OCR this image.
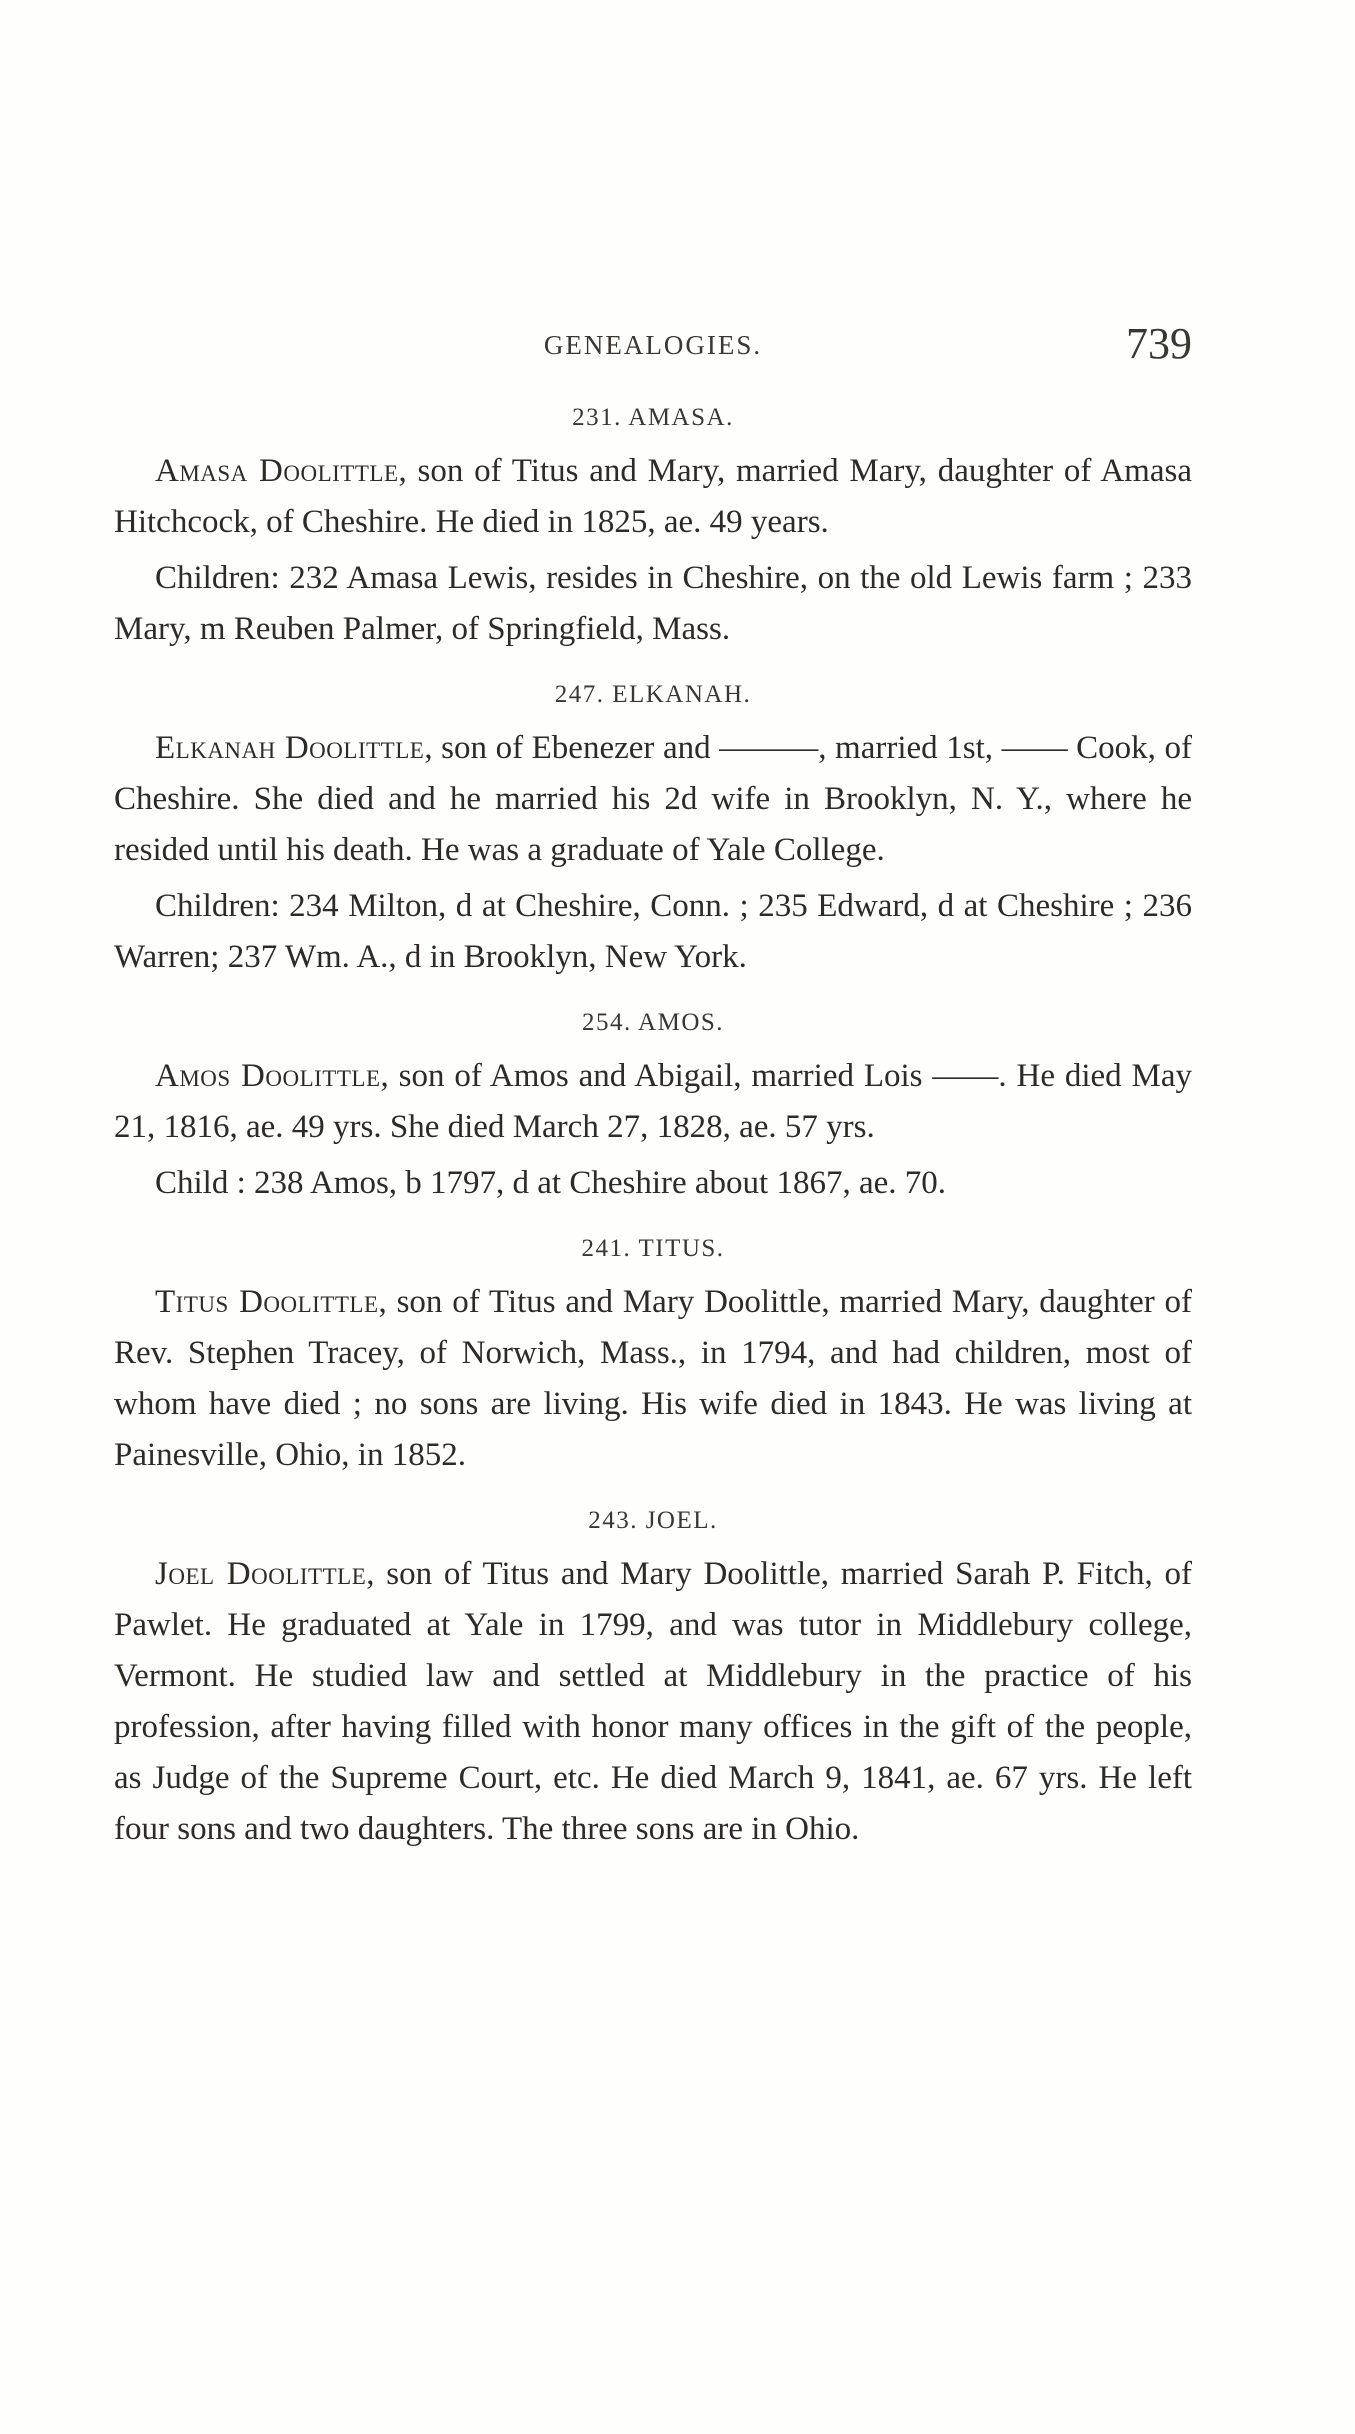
GENEALOGIES.	739
231. AMASA.

Amasa Doolittle, son of Titus and Mary, married Mary, daughter of Amasa Hitchcock, of Cheshire. He died in 1825, ae. 49 years.

Children: 232 Amasa Lewis, resides in Cheshire, on the old Lewis farm ; 233 Mary, m Reuben Palmer, of Springfield, Mass.

247. ELKANAH.

Elkanah Doolittle, son of Ebenezer and ———, married 1st, —— Cook, of Cheshire. She died and he married his 2d wife in Brooklyn, N. Y., where he resided until his death. He was a graduate of Yale College.

Children: 234 Milton, d at Cheshire, Conn. ; 235 Edward, d at Cheshire ; 236 Warren; 237 Wm. A., d in Brooklyn, New York.

254. AMOS.

Amos Doolittle, son of Amos and Abigail, married Lois ——. He died May 21, 1816, ae. 49 yrs. She died March 27, 1828, ae. 57 yrs.

Child : 238 Amos, b 1797, d at Cheshire about 1867, ae. 70.

241. TITUS.

Titus Doolittle, son of Titus and Mary Doolittle, married Mary, daughter of Rev. Stephen Tracey, of Norwich, Mass., in 1794, and had children, most of whom have died ; no sons are living. His wife died in 1843. He was living at Painesville, Ohio, in 1852.

243. JOEL.

Joel Doolittle, son of Titus and Mary Doolittle, married Sarah P. Fitch, of Pawlet. He graduated at Yale in 1799, and was tutor in Middlebury college, Vermont. He studied law and settled at Middlebury in the practice of his profession, after having filled with honor many offices in the gift of the people, as Judge of the Supreme Court, etc. He died March 9, 1841, ae. 67 yrs. He left four sons and two daughters. The three sons are in Ohio.
